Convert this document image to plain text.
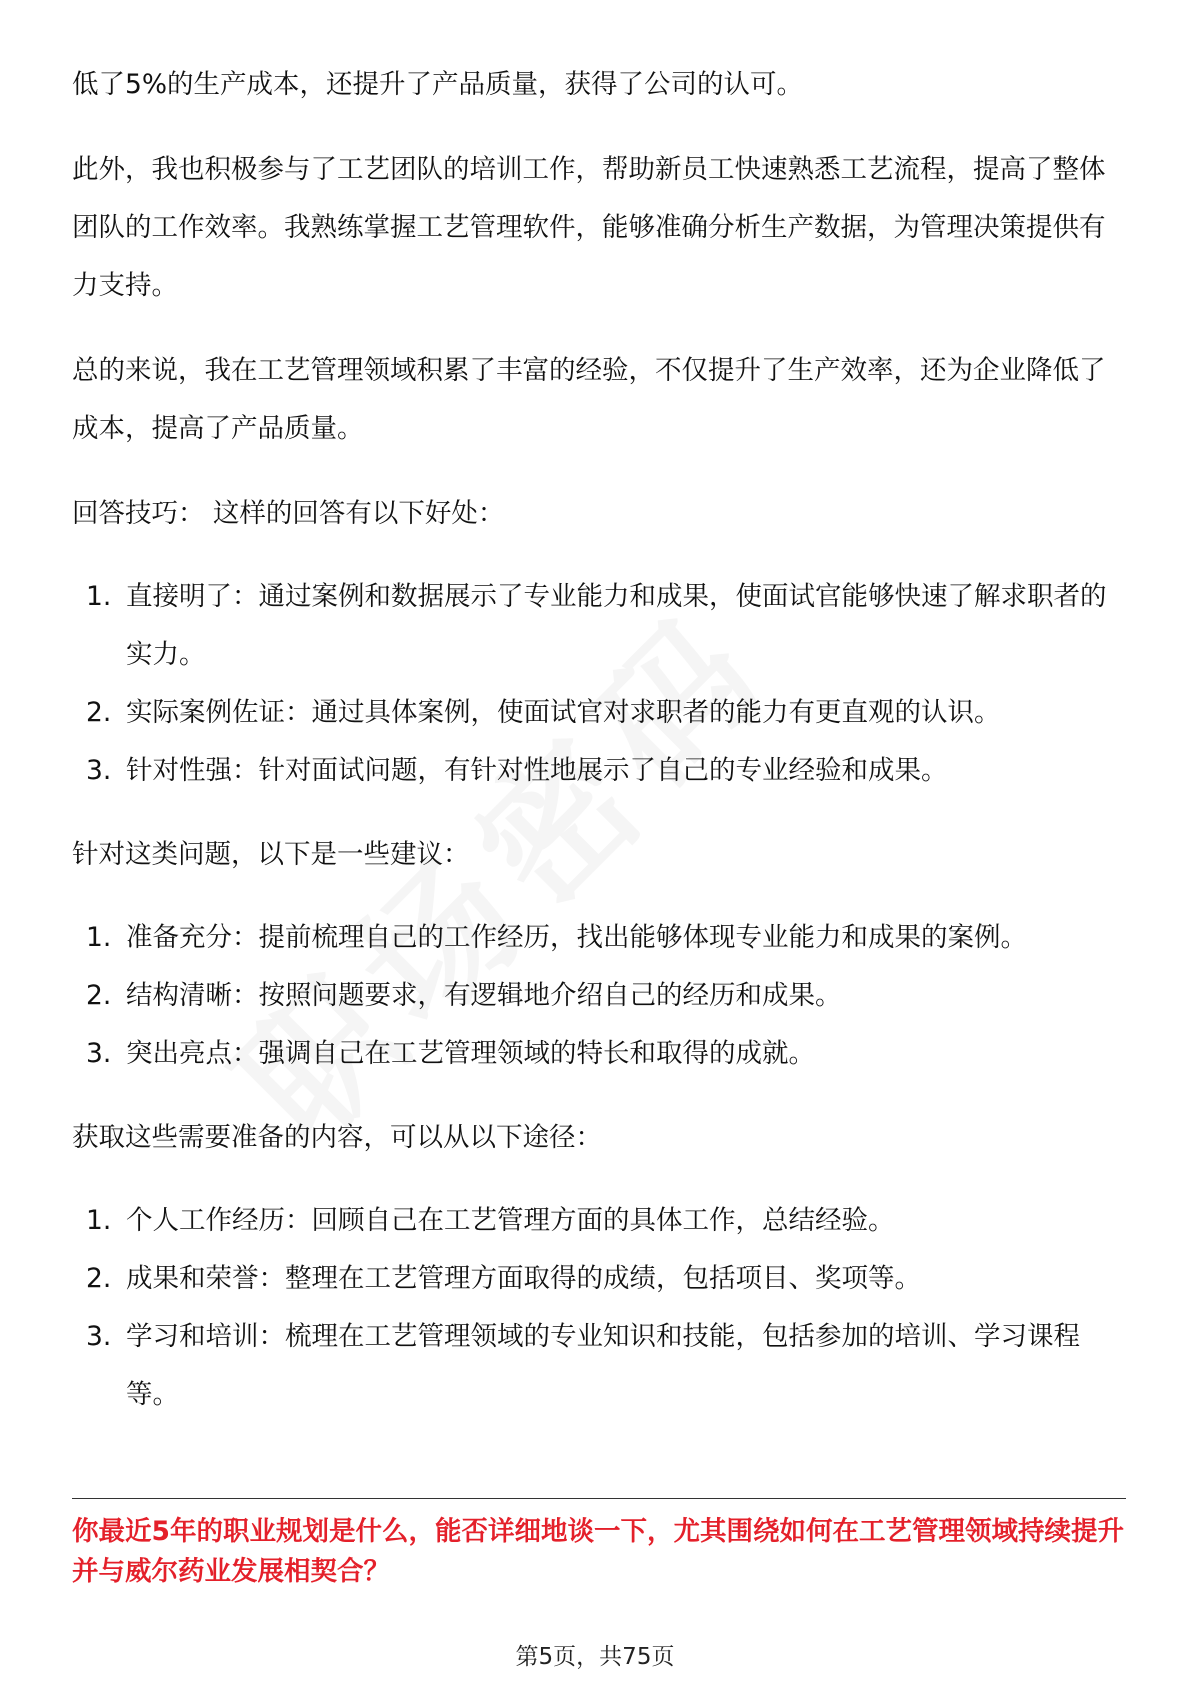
低了5%的生产成本，还提升了产品质量，获得了公司的认可。

此外，我也积极参与了工艺团队的培训工作，帮助新员工快速熟悉工艺流程，提高了整体团队的工作效率。我熟练掌握工艺管理软件，能够准确分析生产数据，为管理决策提供有力支持。

总的来说，我在工艺管理领域积累了丰富的经验，不仅提升了生产效率，还为企业降低了成本，提高了产品质量。

回答技巧： 这样的回答有以下好处：

1. 直接明了：通过案例和数据展示了专业能力和成果，使面试官能够快速了解求职者的实力。
2. 实际案例佐证：通过具体案例，使面试官对求职者的能力有更直观的认识。
3. 针对性强：针对面试问题，有针对性地展示了自己的专业经验和成果。

针对这类问题，以下是一些建议：

1. 准备充分：提前梳理自己的工作经历，找出能够体现专业能力和成果的案例。
2. 结构清晰：按照问题要求，有逻辑地介绍自己的经历和成果。
3. 突出亮点：强调自己在工艺管理领域的特长和取得的成就。

获取这些需要准备的内容，可以从以下途径：

1. 个人工作经历：回顾自己在工艺管理方面的具体工作，总结经验。
2. 成果和荣誉：整理在工艺管理方面取得的成绩，包括项目、奖项等。
3. 学习和培训：梳理在工艺管理领域的专业知识和技能，包括参加的培训、学习课程等。
你最近5年的职业规划是什么，能否详细地谈一下，尤其围绕如何在工艺管理领域持续提升并与威尔药业发展相契合？
第5页，共75页
